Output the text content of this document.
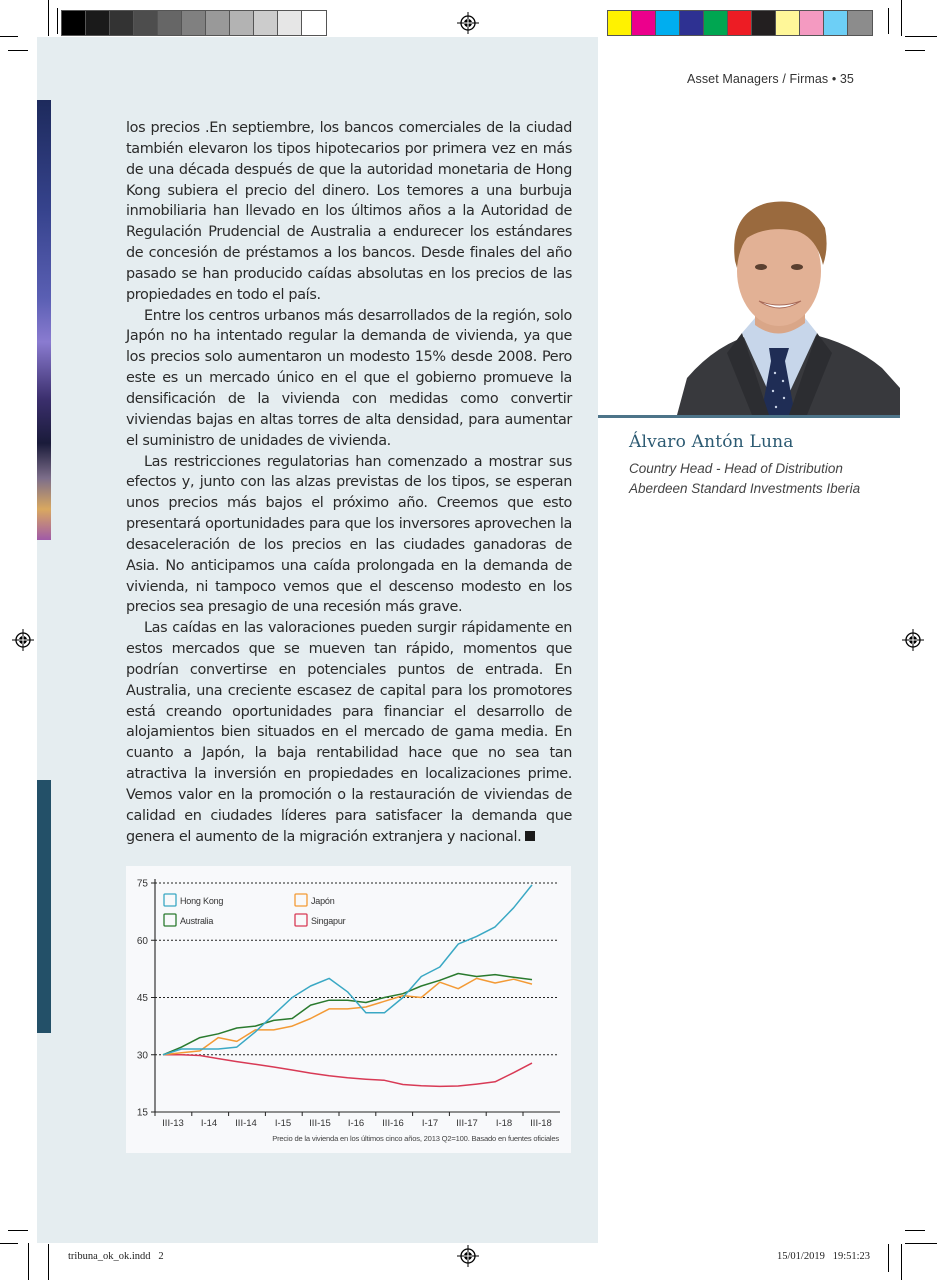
Asset Managers / Firmas • 35

los precios .En septiembre, los bancos comerciales de la ciudad también elevaron los tipos hipotecarios por primera vez en más de una década después de que la autoridad monetaria de Hong Kong subiera el precio del dinero. Los temores a una burbuja inmobiliaria han llevado en los últimos años a la Autoridad de Regulación Prudencial de Australia a endurecer los estándares de concesión de préstamos a los bancos. Desde finales del año pasado se han producido caídas absolutas en los precios de las propiedades en todo el país.

Entre los centros urbanos más desarrollados de la región, solo Japón no ha intentado regular la demanda de vivienda, ya que los precios solo aumentaron un modesto 15% desde 2008. Pero este es un mercado único en el que el gobierno promueve la densificación de la vivienda con medidas como convertir viviendas bajas en altas torres de alta densidad, para aumentar el suministro de unidades de vivienda.

Las restricciones regulatorias han comenzado a mostrar sus efectos y, junto con las alzas previstas de los tipos, se esperan unos precios más bajos el próximo año. Creemos que esto presentará oportunidades para que los inversores aprovechen la desaceleración de los precios en las ciudades ganadoras de Asia. No anticipamos una caída prolongada en la demanda de vivienda, ni tampoco vemos que el descenso modesto en los precios sea presagio de una recesión más grave.

Las caídas en las valoraciones pueden surgir rápidamente en estos mercados que se mueven tan rápido, momentos que podrían convertirse en potenciales puntos de entrada. En Australia, una creciente escasez de capital para los promotores está creando oportunidades para financiar el desarrollo de alojamientos bien situados en el mercado de gama media. En cuanto a Japón, la baja rentabilidad hace que no sea tan atractiva la inversión en propiedades en localizaciones prime. Vemos valor en la promoción o la restauración de viviendas de calidad en ciudades líderes para satisfacer la demanda que genera el aumento de la migración extranjera y nacional.

Álvaro Antón Luna
Country Head - Head of Distribution
Aberdeen Standard Investments Iberia
15
30
45
60
75
III-13 I-14 III-14 I-15 III-15 I-16 III-16 I-17 III-17 I-18 III-18
Precio de la vivienda en los últimos cinco años, 2013 Q2=100. Basado en fuentes oficiales
Hong Kong	Japón
Australia	Singapur
tribuna_ok_ok.indd   2	15/01/2019   19:51:23
